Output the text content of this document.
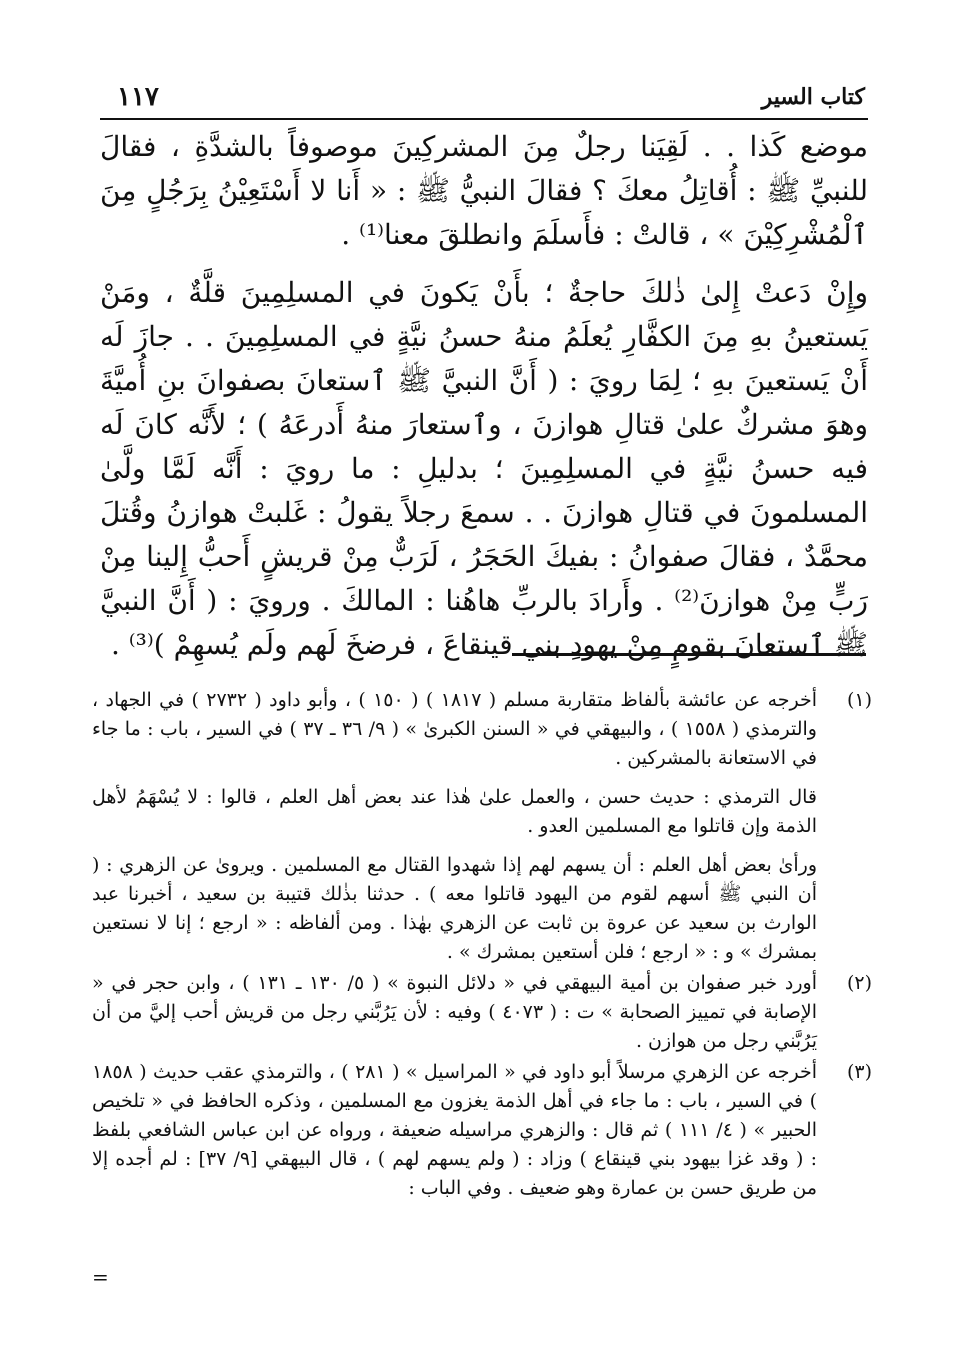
١١٧	كتاب السير

موضع كَذا . . لَقِيَنا رجلٌ مِنَ المشركِينَ موصوفاً بالشدَّةِ ، فقالَ للنبيِّ ﷺ : أُقاتِلُ معكَ ؟ فقالَ النبيُّ ﷺ : « أَنا لا أَسْتَعِيْنُ بِرَجُلٍ مِنَ ٱلْمُشْرِكِيْنَ » ، قالتْ : فأَسلَمَ وانطلقَ معنا⁽¹⁾ .

وإِنْ دَعتْ إِلىٰ ذٰلكَ حاجةٌ ؛ بأَنْ يَكونَ في المسلِمِينَ قلَّةٌ ، ومَنْ يَستعينُ بهِ مِنَ الكفَّارِ يُعلَمُ منهُ حسنُ نيَّةٍ في المسلِمِينَ . . جازَ لَه أَنْ يَستعينَ بهِ ؛ لِمَا رويَ : ( أَنَّ النبيَّ ﷺ ٱستعانَ بصفوانَ بنِ أُميَّةَ وهوَ مشركٌ علىٰ قتالِ هوازنَ ، وٱستعارَ منهُ أَدرعَهُ ) ؛ لأَنَّه كانَ لَه فيه حسنُ نيَّةٍ في المسلِمِينَ ؛ بدليلِ : ما رويَ : أَنَّه لَمَّا ولَّىٰ المسلمونَ في قتالِ هوازنَ . . سمعَ رجلاً يقولُ : غَلبتْ هوازنُ وقُتلَ محمَّدٌ ، فقالَ صفوانُ : بفيكَ الحَجَرُ ، لَرَبٌّ مِنْ قريشٍ أَحبُّ إِلينا مِنْ رَبٍّ مِنْ هوازنَ⁽²⁾ . وأَرادَ بالربِّ هاهُنا : المالكَ . ورويَ : ( أَنَّ النبيَّ ﷺ ٱستعانَ بقومٍ مِنْ يهودِ بني قينقاعَ ، فرضخَ لَهم ولَم يُسهِمْ )⁽³⁾ .

(١)

أخرجه عن عائشة بألفاظ متقاربة مسلم ( ١٨١٧ ) ( ١٥٠ ) ، وأبو داود ( ٢٧٣٢ ) في الجهاد ، والترمذي ( ١٥٥٨ ) ، والبيهقي في « السنن الكبرىٰ » ( ٩/ ٣٦ ـ ٣٧ ) في السير ، باب : ما جاء في الاستعانة بالمشركين .

قال الترمذي : حديث حسن ، والعمل علىٰ هٰذا عند بعض أهل العلم ، قالوا : لا يُسْهَمُ لأهل الذمة وإن قاتلوا مع المسلمين العدو .

ورأىٰ بعض أهل العلم : أن يسهم لهم إذا شهدوا القتال مع المسلمين . ويروىٰ عن الزهري : ( أن النبي ﷺ أسهم لقوم من اليهود قاتلوا معه ) . حدثنا بذٰلك قتيبة بن سعيد ، أخبرنا عبد الوارث بن سعيد عن عروة بن ثابت عن الزهري بهٰذا . ومن ألفاظه : « ارجع ؛ إنا لا نستعين بمشرك » و : « ارجع ؛ فلن أستعين بمشرك » .

(٢)

أورد خبر صفوان بن أمية البيهقي في « دلائل النبوة » ( ٥/ ١٣٠ ـ ١٣١ ) ، وابن حجر في « الإصابة في تمييز الصحابة » ت : ( ٤٠٧٣ ) وفيه : لأن يَرُبَّني رجل من قريش أحب إليَّ من أن يَرُبَّني رجل من هوازن .

(٣)

أخرجه عن الزهري مرسلاً أبو داود في « المراسيل » ( ٢٨١ ) ، والترمذي عقب حديث ( ١٨٥٨ ) في السير ، باب : ما جاء في أهل الذمة يغزون مع المسلمين ، وذكره الحافظ في « تلخيص الحبير » ( ٤/ ١١١ ) ثم قال : والزهري مراسيله ضعيفة ، ورواه عن ابن عباس الشافعي بلفظ : ( وقد غزا بيهود بني قينقاع ) وزاد : ( ولم يسهم لهم ) ، قال البيهقي [٩/ ٣٧] : لم أجده إلا من طريق حسن بن عمارة وهو ضعيف . وفي الباب :

=
